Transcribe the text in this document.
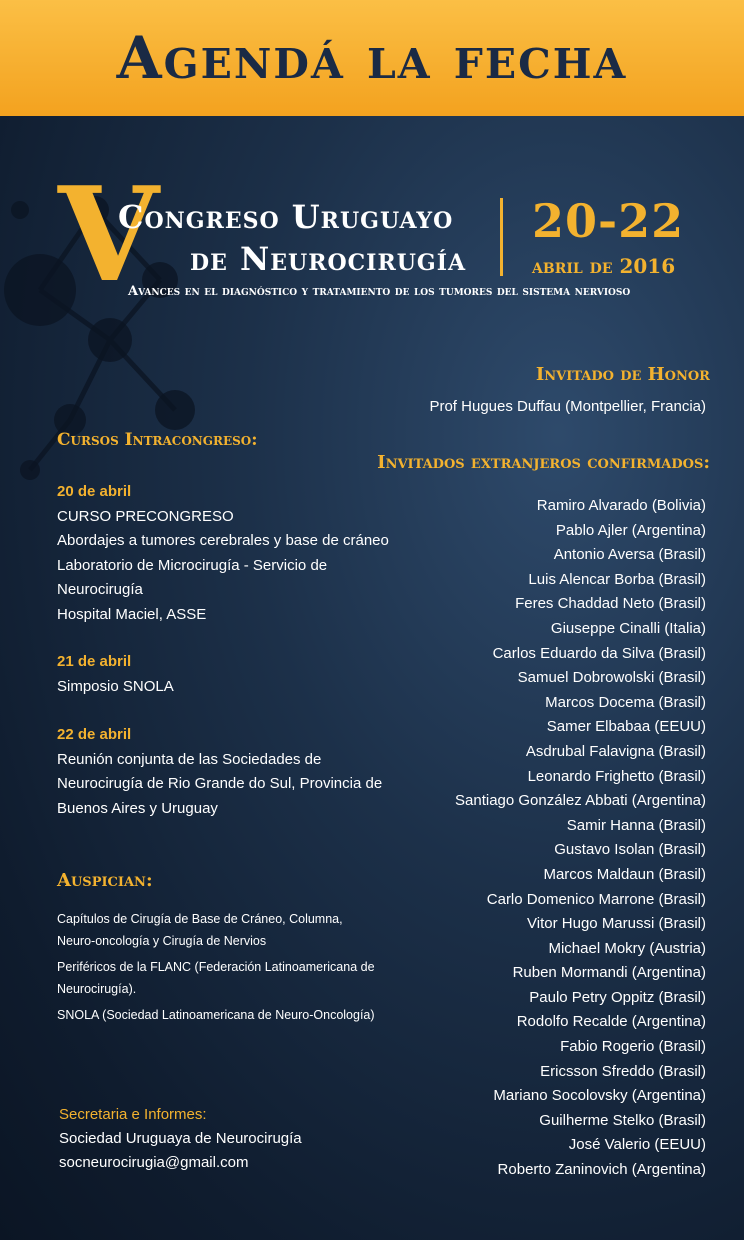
Agendá la fecha
V
Congreso Uruguayo
de Neurocirugía
20-22
abril de 2016
Avances en el diagnóstico y tratamiento de los tumores del sistema nervioso
Invitado de Honor
Prof Hugues Duffau (Montpellier, Francia)
Invitados extranjeros confirmados:
Ramiro Alvarado (Bolivia)
Pablo Ajler (Argentina)
Antonio Aversa (Brasil)
Luis Alencar Borba (Brasil)
Feres Chaddad Neto (Brasil)
Giuseppe Cinalli (Italia)
Carlos Eduardo da Silva (Brasil)
Samuel Dobrowolski (Brasil)
Marcos Docema (Brasil)
Samer Elbabaa (EEUU)
Asdrubal Falavigna (Brasil)
Leonardo Frighetto (Brasil)
Santiago González Abbati (Argentina)
Samir Hanna (Brasil)
Gustavo Isolan (Brasil)
Marcos Maldaun (Brasil)
Carlo Domenico Marrone (Brasil)
Vitor Hugo Marussi (Brasil)
Michael Mokry (Austria)
Ruben Mormandi (Argentina)
Paulo Petry Oppitz (Brasil)
Rodolfo Recalde (Argentina)
Fabio Rogerio (Brasil)
Ericsson Sfreddo (Brasil)
Mariano Socolovsky (Argentina)
Guilherme Stelko (Brasil)
José Valerio (EEUU)
Roberto Zaninovich (Argentina)
Cursos Intracongreso:
20 de abril
CURSO PRECONGRESO
Abordajes a tumores cerebrales y base de cráneo
Laboratorio de Microcirugía - Servicio de
Neurocirugía
Hospital Maciel, ASSE
21 de abril
Simposio SNOLA
22 de abril
Reunión conjunta de las Sociedades de
Neurocirugía de Rio Grande do Sul, Provincia de
Buenos Aires y Uruguay
Auspician:

Capítulos de Cirugía de Base de Cráneo, Columna, Neuro-oncología y Cirugía de Nervios

Periféricos de la FLANC (Federación Latinoamericana de Neurocirugía).

SNOLA (Sociedad Latinoamericana de Neuro-Oncología)

Secretaria e Informes:
Sociedad Uruguaya de Neurocirugía
socneurocirugia@gmail.com
